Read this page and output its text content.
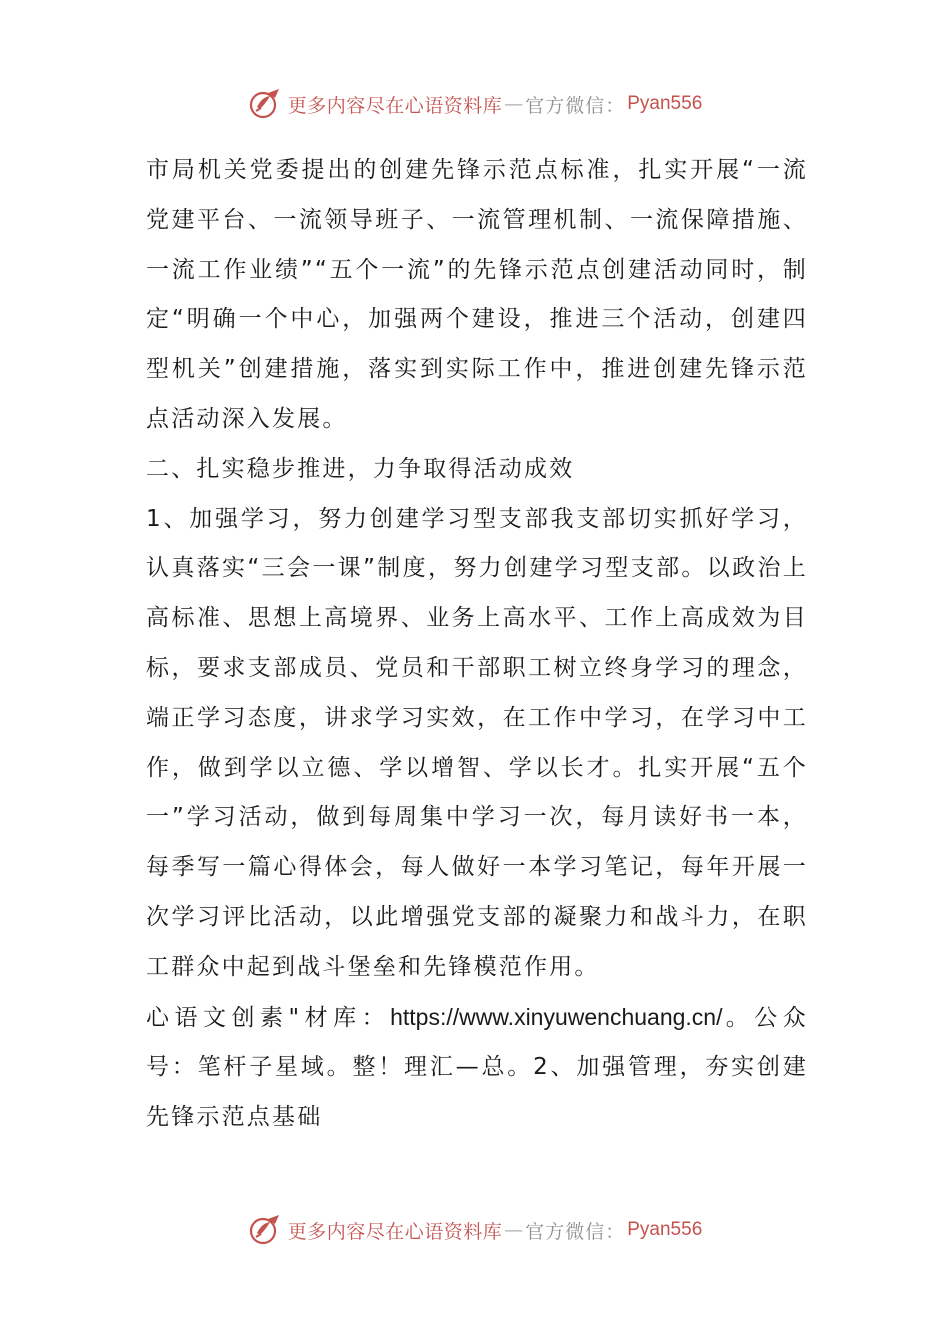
更多内容尽在心语资料库 — 官方微信： Pyan556

市局机关党委提出的创建先锋示范点标准，扎实开展“一流党建平台、一流领导班子、一流管理机制、一流保障措施、一流工作业绩”“五个一流”的先锋示范点创建活动同时，制定“明确一个中心，加强两个建设，推进三个活动，创建四型机关”创建措施，落实到实际工作中，推进创建先锋示范点活动深入发展。

二、扎实稳步推进，力争取得活动成效

1、加强学习，努力创建学习型支部我支部切实抓好学习，认真落实“三会一课”制度，努力创建学习型支部。以政治上高标准、思想上高境界、业务上高水平、工作上高成效为目标，要求支部成员、党员和干部职工树立终身学习的理念，端正学习态度，讲求学习实效，在工作中学习，在学习中工作，做到学以立德、学以增智、学以长才。扎实开展“五个一”学习活动，做到每周集中学习一次，每月读好书一本，每季写一篇心得体会，每人做好一本学习笔记，每年开展一次学习评比活动，以此增强党支部的凝聚力和战斗力，在职工群众中起到战斗堡垒和先锋模范作用。

心语文创素"材库：https://www.xinyuwenchuang.cn/。公众号：笔杆子星域。整！理汇—总。2、加强管理，夯实创建先锋示范点基础

更多内容尽在心语资料库 — 官方微信： Pyan556
